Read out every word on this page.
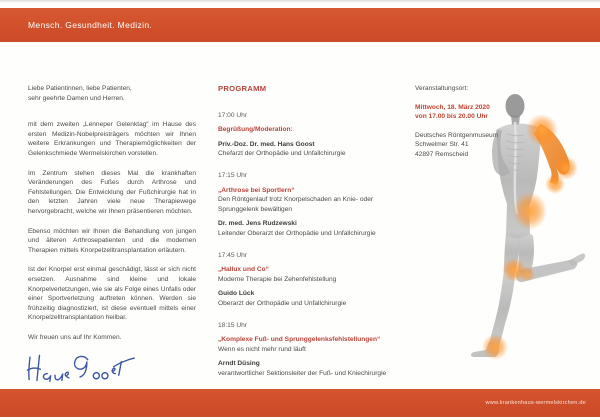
Mensch. Gesundheit. Medizin.

Liebe Patientinnen, liebe Patienten,

sehr geehrte Damen und Herren.

mit dem zweiten „Lenneper Gelenktag“ im Hause des ersten Medizin-Nobelpreisträgers möchten wir Ihnen weitere Erkrankungen und Therapiemöglichkeiten der Gelenkschmiede Wermelskirchen vorstellen.

Im Zentrum stehen dieses Mal die krankhaften Veränderungen des Fußes durch Arthrose und Fehlstellungen. Die Entwicklung der Fußchirurgie hat in den letzten Jahren viele neue Therapiewege hervorgebracht, welche wir Ihnen präsentieren möchten.

Ebenso möchten wir Ihnen die Behandlung von jungen und älteren Arthrosepatienten und die modernen Therapien mittels Knorpelzelltransplantation erläutern.

Ist der Knorpel erst einmal geschädigt, lässt er sich nicht ersetzen. Ausnahme sind kleine und lokale Knorpelverletzungen, wie sie als Folge eines Unfalls oder einer Sportverletzung auftreten können. Werden sie frühzeitig diagnostiziert, ist diese eventuell mittels einer Knorpelzelltransplantation heilbar.

Wir freuen uns auf Ihr Kommen.

PROGRAMM

17:00 Uhr

Begrüßung/Moderation:

Priv.-Doz. Dr. med. Hans Goost

Chefarzt der Orthopädie und Unfallchirurgie

17:15 Uhr

„Arthrose bei Sportlern“

Den Röntgenlauf trotz Knorpelschaden an Knie- oder Sprunggelenk bewältigen

Dr. med. Jens Rudzewski

Leitender Oberarzt der Orthopädie und Unfallchirurgie

17:45 Uhr

„Hallux und Co“

Moderne Therapie bei Zehenfehlstellung

Guido Lück

Oberarzt der Orthopädie und Unfallchirurgie

18:15 Uhr

„Komplexe Fuß- und Sprunggelenksfehlstellungen“

Wenn es nicht mehr rund läuft

Arndt Düsing

verantwortlicher Sektionsleiter der Fuß- und Kniechirurgie

Veranstaltungsort:

Mittwoch, 18. März 2020

von 17.00 bis 20.00 Uhr

Deutsches Röntgenmuseum

Schwelmer Str. 41

42897 Remscheid

www.krankenhaus-wermelskirchen.de
